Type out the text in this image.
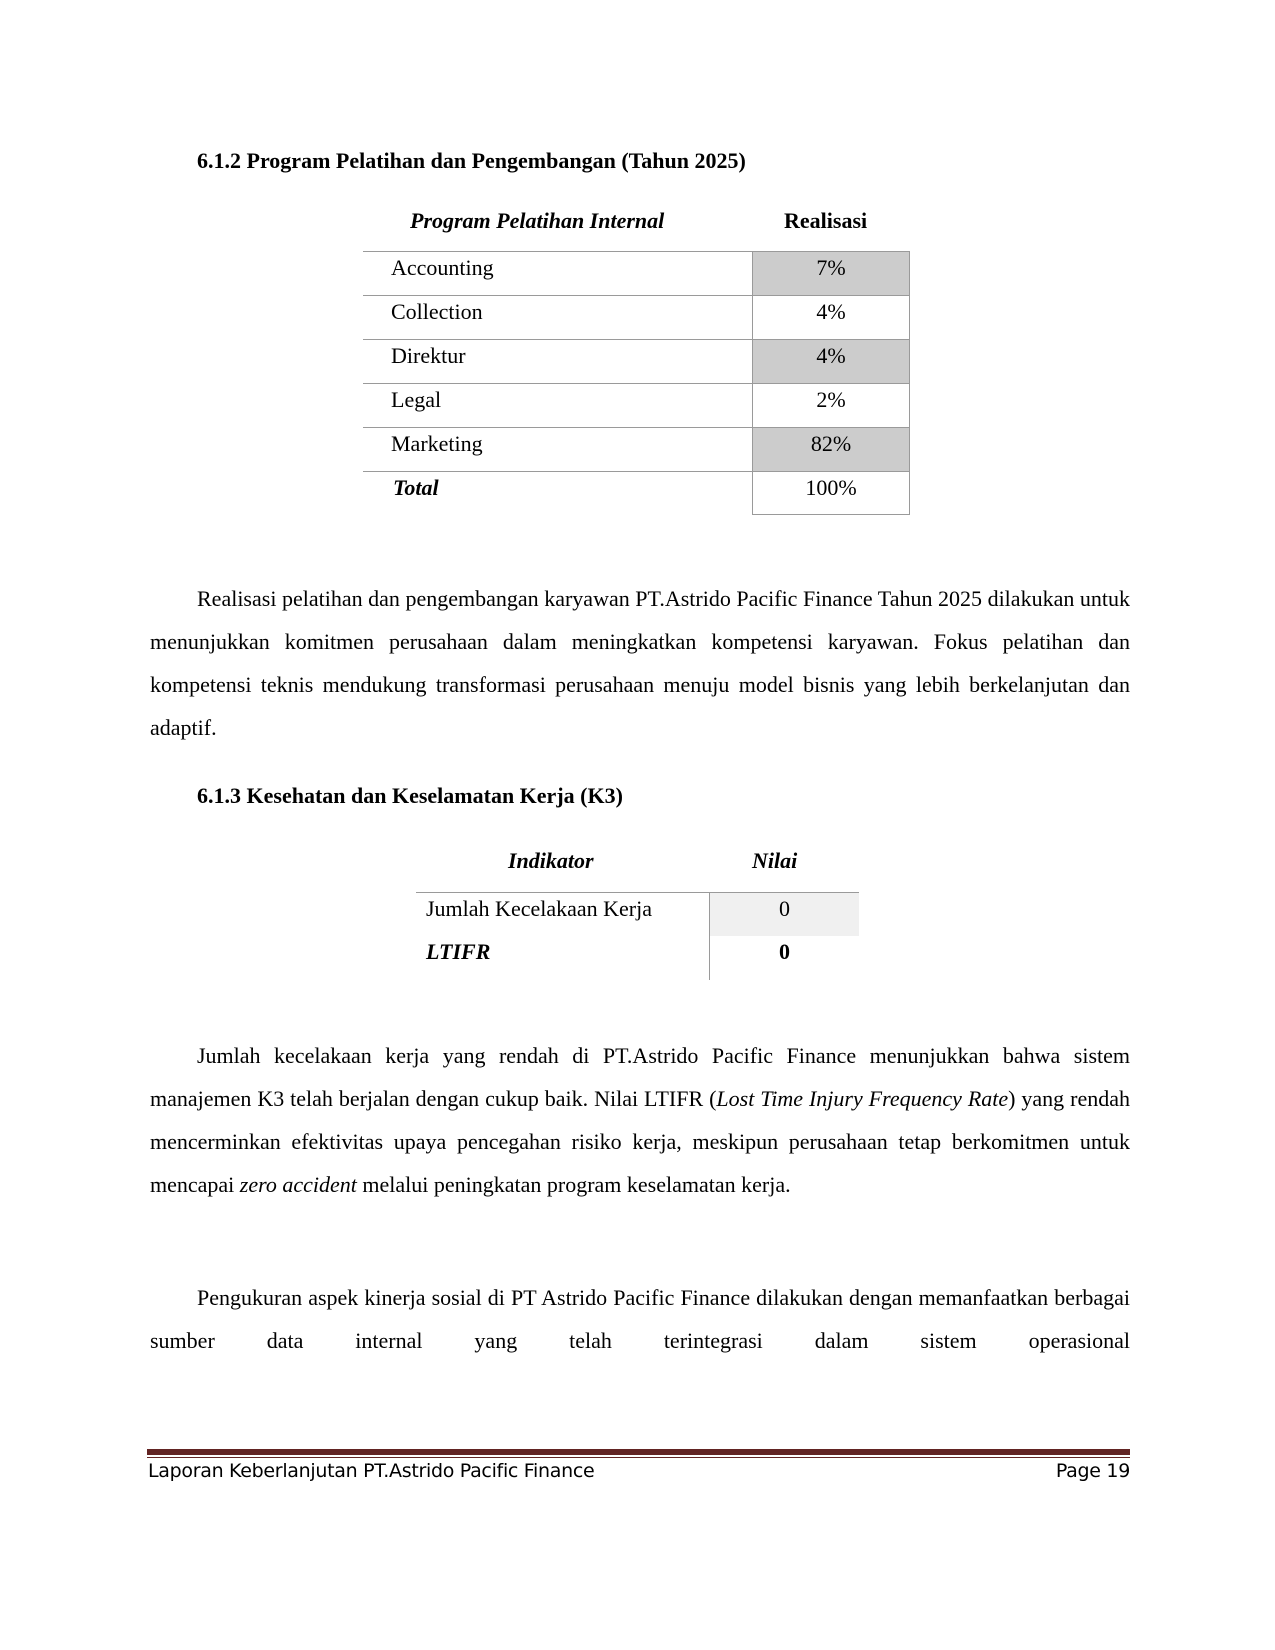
6.1.2 Program Pelatihan dan Pengembangan (Tahun 2025)
Program Pelatihan Internal	Realisasi
Accounting	7%
Collection	4%
Direktur	4%
Legal	2%
Marketing	82%
Total	100%

Realisasi pelatihan dan pengembangan karyawan PT.Astrido Pacific Finance Tahun 2025 dilakukan untuk menunjukkan komitmen perusahaan dalam meningkatkan kompetensi karyawan. Fokus pelatihan dan kompetensi teknis mendukung transformasi perusahaan menuju model bisnis yang lebih berkelanjutan dan adaptif.

6.1.3 Kesehatan dan Keselamatan Kerja (K3)
Indikator	Nilai
Jumlah Kecelakaan Kerja	0
LTIFR	0

Jumlah kecelakaan kerja yang rendah di PT.Astrido Pacific Finance menunjukkan bahwa sistem manajemen K3 telah berjalan dengan cukup baik. Nilai LTIFR (Lost Time Injury Frequency Rate) yang rendah mencerminkan efektivitas upaya pencegahan risiko kerja, meskipun perusahaan tetap berkomitmen untuk mencapai zero accident melalui peningkatan program keselamatan kerja.

Pengukuran aspek kinerja sosial di PT Astrido Pacific Finance dilakukan dengan memanfaatkan berbagai sumber data internal yang telah terintegrasi dalam sistem operasional

Laporan Keberlanjutan PT.Astrido Pacific Finance	Page 19
